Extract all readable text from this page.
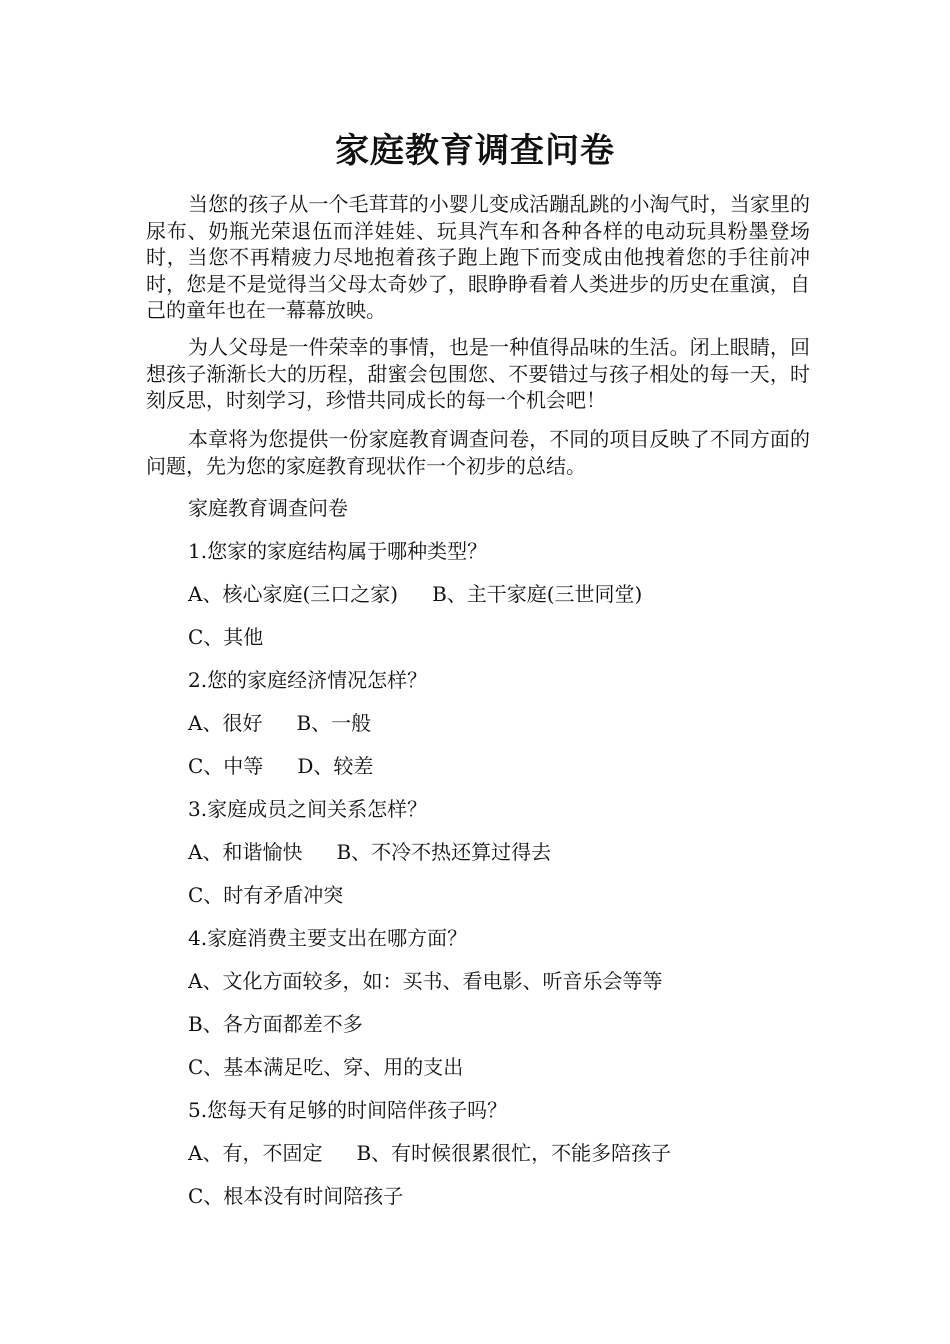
家庭教育调查问卷

当您的孩子从一个毛茸茸的小婴儿变成活蹦乱跳的小淘气时，当家里的尿布、奶瓶光荣退伍而洋娃娃、玩具汽车和各种各样的电动玩具粉墨登场时，当您不再精疲力尽地抱着孩子跑上跑下而变成由他拽着您的手往前冲时，您是不是觉得当父母太奇妙了，眼睁睁看着人类进步的历史在重演，自己的童年也在一幕幕放映。

为人父母是一件荣幸的事情，也是一种值得品味的生活。闭上眼睛，回想孩子渐渐长大的历程，甜蜜会包围您、不要错过与孩子相处的每一天，时刻反思，时刻学习，珍惜共同成长的每一个机会吧！

本章将为您提供一份家庭教育调查问卷，不同的项目反映了不同方面的问题，先为您的家庭教育现状作一个初步的总结。

家庭教育调查问卷

1.您家的家庭结构属于哪种类型？

A、核心家庭(三口之家) B、主干家庭(三世同堂)

C、其他

2.您的家庭经济情况怎样？

A、很好 B、一般

C、中等 D、较差

3.家庭成员之间关系怎样？

A、和谐愉快 B、不冷不热还算过得去

C、时有矛盾冲突

4.家庭消费主要支出在哪方面？

A、文化方面较多，如：买书、看电影、听音乐会等等

B、各方面都差不多

C、基本满足吃、穿、用的支出

5.您每天有足够的时间陪伴孩子吗？

A、有，不固定 B、有时候很累很忙，不能多陪孩子

C、根本没有时间陪孩子
